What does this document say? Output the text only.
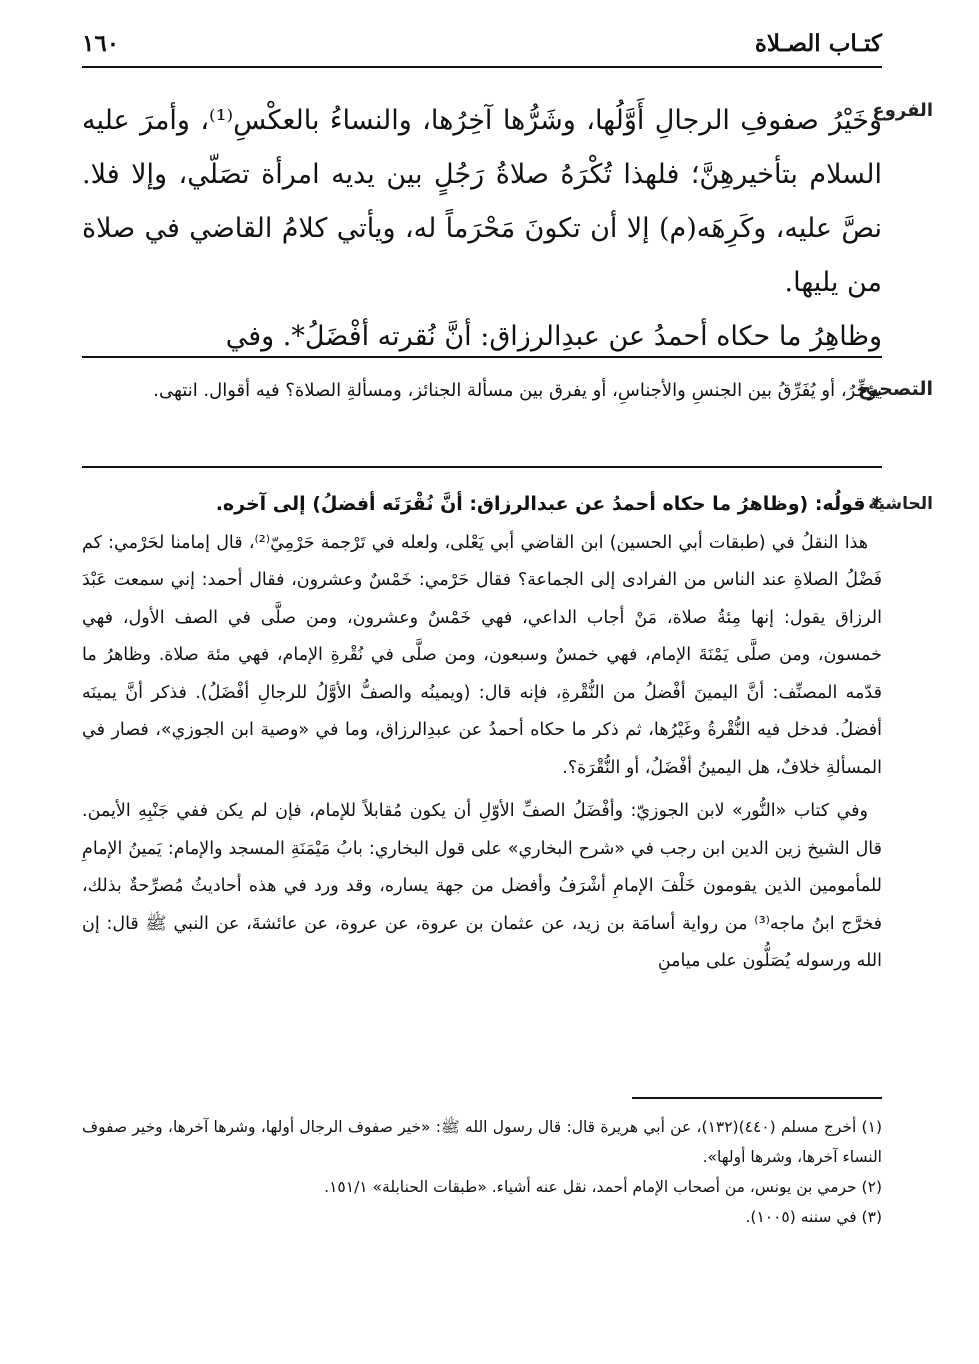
كتـاب الصـلاة
١٦٠
الفروع
وخَيْرُ صفوفِ الرجالِ أَوَّلُها، وشَرُّها آخِرُها، والنساءُ بالعكْسِ⁽¹⁾، وأمرَ عليه السلام بتأخيرهِنَّ؛ فلهذا تُكْرَهُ صلاةُ رَجُلٍ بين يديه امرأة تصَلّي، وإلا فلا. نصَّ عليه، وكَرِهَه(م) إلا أن تكونَ مَحْرَماً له، ويأتي كلامُ القاضي في صلاة من يليها.
وظاهِرُ ما حكاه أحمدُ عن عبدِالرزاق: أنَّ نُقرته أفْضَلُ*. وفي
التصحيح
يؤخِّرُ، أو يُفَرِّقُ بين الجنسِ والأجناسِ، أو يفرق بين مسألة الجنائز، ومسألةِ الصلاة؟ فيه أقوال. انتهى.
الحاشية
* قولُه: (وظاهرُ ما حكاه أحمدُ عن عبدالرزاق: أنَّ نُقْرَتَه أفضلُ) إلى آخره.

هذا النقلُ في (طبقات أبي الحسين) ابن القاضي أبي يَعْلى، ولعله في تَرْجمة حَرْمِيّ⁽²⁾، قال إمامنا لحَرْمي: كم فَضْلُ الصلاةِ عند الناس من الفرادى إلى الجماعة؟ فقال حَرْمي: خَمْسٌ وعشرون، فقال أحمد: إني سمعت عَبْدَ الرزاق يقول: إنها مِئةُ صلاة، مَنْ أجاب الداعي، فهي خَمْسٌ وعشرون، ومن صلَّى في الصف الأول، فهي خمسون، ومن صلَّى يَمْنَةَ الإمام، فهي خمسٌ وسبعون، ومن صلَّى في نُقْرةِ الإمام، فهي مئة صلاة. وظاهرُ ما قدّمه المصنِّف: أنَّ اليمينَ أفْضلُ من النُّقْرةِ، فإنه قال: (ويمينُه والصفُّ الأوَّلُ للرجالِ أفْضَلُ). فذكر أنَّ يمينَه أفضلُ. فدخل فيه النُّقْرةُ وغَيْرُها، ثم ذكر ما حكاه أحمدُ عن عبدِالرزاق، وما في «وصية ابن الجوزي»، فصار في المسألةِ خلافٌ، هل اليمينُ أفْضَلُ، أو النُّقْرَة؟.

وفي كتاب «النُّور» لابن الجوزيّ: وأفْضَلُ الصفِّ الأوّلِ أن يكون مُقابلاً للإمام، فإن لم يكن ففي جَنْبِهِ الأيمن. قال الشيخ زين الدين ابن رجب في «شرح البخاري» على قول البخاري: بابُ مَيْمَنَةِ المسجد والإمام: يَمينُ الإمامِ للمأمومين الذين يقومون خَلْفَ الإمامِ أشْرَفُ وأفضل من جهة يساره، وقد ورد في هذه أحاديثُ مُصرِّحةٌ بذلك، فخرَّج ابنُ ماجه⁽³⁾ من رواية أسامَة بن زيد، عن عثمان بن عروة، عن عروة، عن عائشةَ، عن النبي ﷺ قال: إن الله ورسوله يُصَلُّون على ميامنِ

(١) أخرج مسلم (٤٤٠)(١٣٢)، عن أبي هريرة قال: قال رسول الله ﷺ: «خير صفوف الرجال أولها، وشرها آخرها، وخير صفوف النساء آخرها، وشرها أولها».
(٢) حرمي بن يونس، من أصحاب الإمام أحمد، نقل عنه أشياء. «طبقات الحنابلة» ١٥١/١.
(٣) في سننه (١٠٠٥).
